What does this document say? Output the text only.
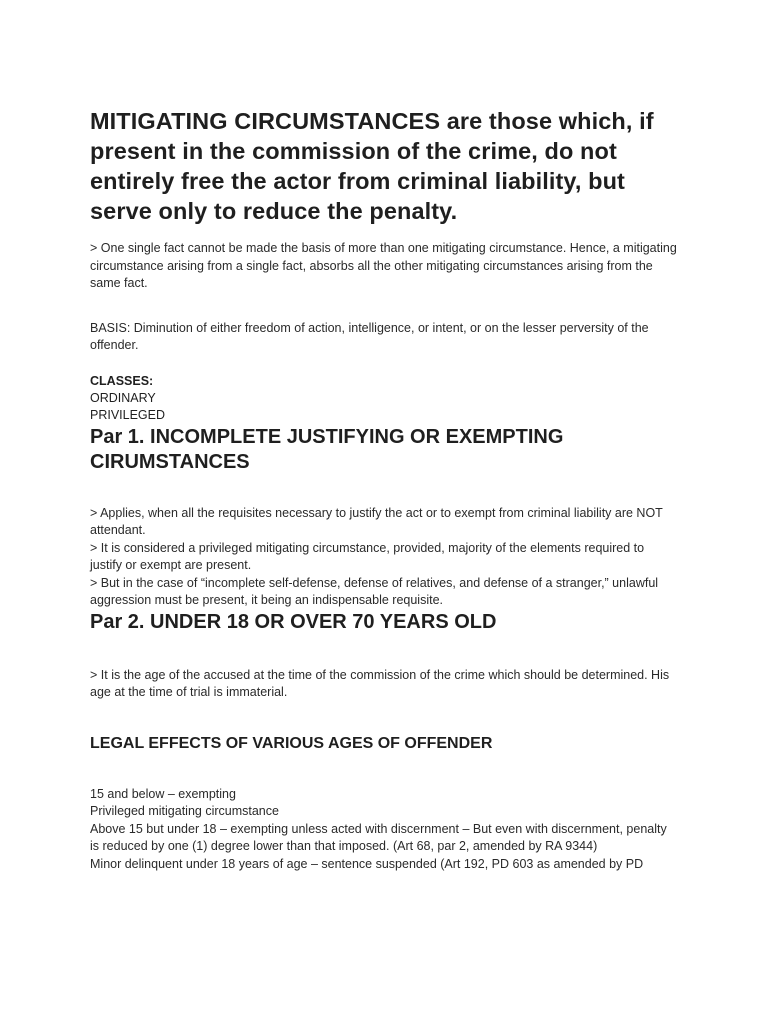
MITIGATING CIRCUMSTANCES are those which, if present in the commission of the crime, do not entirely free the actor from criminal liability, but serve only to reduce the penalty.

> One single fact cannot be made the basis of more than one mitigating circumstance. Hence, a mitigating circumstance arising from a single fact, absorbs all the other mitigating circumstances arising from the same fact.

BASIS: Diminution of either freedom of action, intelligence, or intent, or on the lesser perversity of the offender.

CLASSES:
ORDINARY
PRIVILEGED
Par 1. INCOMPLETE JUSTIFYING OR EXEMPTING CIRUMSTANCES

> Applies, when all the requisites necessary to justify the act or to exempt from criminal liability are NOT attendant.

> It is considered a privileged mitigating circumstance, provided, majority of the elements required to justify or exempt are present.

> But in the case of “incomplete self-defense, defense of relatives, and defense of a stranger,” unlawful aggression must be present, it being an indispensable requisite.

Par 2. UNDER 18 OR OVER 70 YEARS OLD

> It is the age of the accused at the time of the commission of the crime which should be determined. His age at the time of trial is immaterial.

LEGAL EFFECTS OF VARIOUS AGES OF OFFENDER

15 and below – exempting

Privileged mitigating circumstance

Above 15 but under 18 – exempting unless acted with discernment – But even with discernment, penalty is reduced by one (1) degree lower than that imposed. (Art 68, par 2, amended by RA 9344)

Minor delinquent under 18 years of age – sentence suspended (Art 192, PD 603 as amended by PD
